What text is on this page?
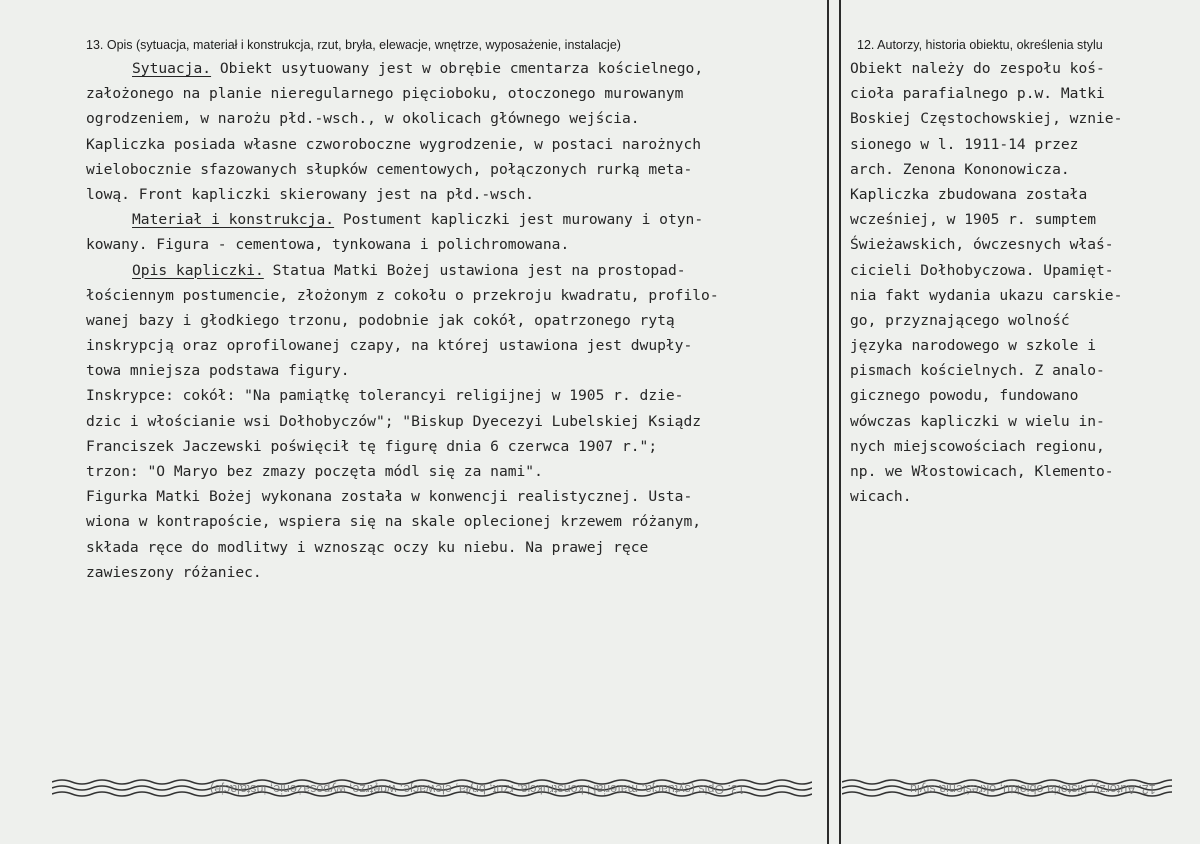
13. Opis (sytuacja, materiał i konstrukcja, rzut, bryła, elewacje, wnętrze, wyposażenie, instalacje)
Sytuacja. Obiekt usytuowany jest w obrębie cmentarza kościelnego,
założonego na planie nieregularnego pięcioboku, otoczonego murowanym
ogrodzeniem, w narożu płd.-wsch., w okolicach głównego wejścia.
Kapliczka posiada własne czworoboczne wygrodzenie, w postaci narożnych
wielobocznie sfazowanych słupków cementowych, połączonych rurką meta-
lową. Front kapliczki skierowany jest na płd.-wsch.
Materiał i konstrukcja. Postument kapliczki jest murowany i otyn-
kowany. Figura - cementowa, tynkowana i polichromowana.
Opis kapliczki. Statua Matki Bożej ustawiona jest na prostopad-
łościennym postumencie, złożonym z cokołu o przekroju kwadratu, profilo-
wanej bazy i głodkiego trzonu, podobnie jak cokół, opatrzonego rytą
inskrypcją oraz oprofilowanej czapy, na której ustawiona jest dwupły-
towa mniejsza podstawa figury.
Inskrypce: cokół: "Na pamiątkę tolerancyi religijnej w 1905 r. dzie-
dzic i włościanie wsi Dołhobyczów"; "Biskup Dyecezyi Lubelskiej Ksiądz
Franciszek Jaczewski poświęcił tę figurę dnia 6 czerwca 1907 r.";
trzon: "O Maryo bez zmazy poczęta módl się za nami".
Figurka Matki Bożej wykonana została w konwencji realistycznej. Usta-
wiona w kontrapoście, wspiera się na skale oplecionej krzewem różanym,
składa ręce do modlitwy i wznosząc oczy ku niebu. Na prawej ręce
zawieszony różaniec.
12. Autorzy, historia obiektu, określenia stylu
Obiekt należy do zespołu koś-
cioła parafialnego p.w. Matki
Boskiej Częstochowskiej, wznie-
sionego w l. 1911-14 przez
arch. Zenona Kononowicza.
Kapliczka zbudowana została
wcześniej, w 1905 r. sumptem
Świeżawskich, ówczesnych właś-
cicieli Dołhobyczowa. Upamięt-
nia fakt wydania ukazu carskie-
go, przyznającego wolność
języka narodowego w szkole i
pismach kościelnych. Z analo-
gicznego powodu, fundowano
wówczas kapliczki w wielu in-
nych miejscowościach regionu,
np. we Włostowicach, Klemento-
wicach.
13. Opis (sytuacja, materiał i konstrukcja, rzut, bryła, elewacje, wnętrze, wyposażenie, instalacje)	12. Autorzy, historia obiektu, określenia stylu
